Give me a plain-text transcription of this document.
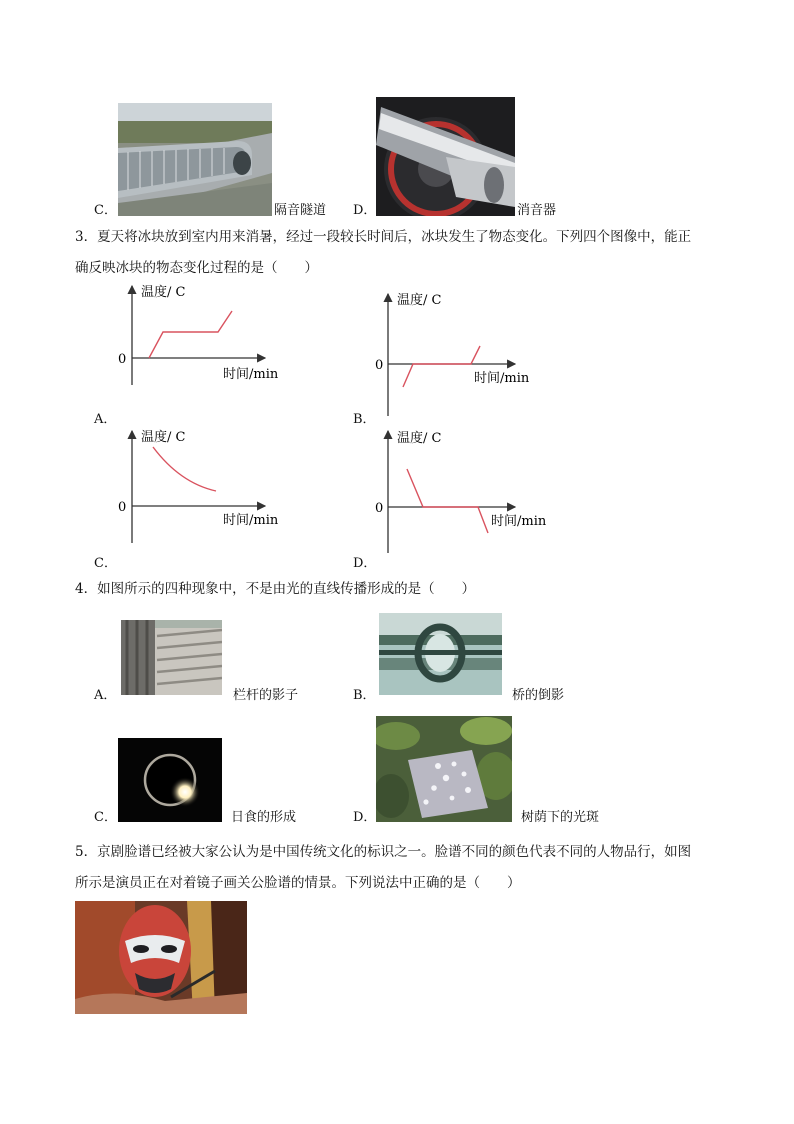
C．	隔音隧道 D．	消音器
3．夏天将冰块放到室内用来消暑，经过一段较长时间后，冰块发生了物态变化。下列四个图像中，能正
确反映冰块的物态变化过程的是（　　）
温度/ C
0
时间/min
A．
温度/ C
0
时间/min
B．
温度/ C
0
时间/min
C．
温度/ C
0
时间/min
D．
4．如图所示的四种现象中，不是由光的直线传播形成的是（　　）
A．	栏杆的影子	B．	桥的倒影
C．	日食的形成	D．	树荫下的光斑
5．京剧脸谱已经被大家公认为是中国传统文化的标识之一。脸谱不同的颜色代表不同的人物品行，如图
所示是演员正在对着镜子画关公脸谱的情景。下列说法中正确的是（　　）
